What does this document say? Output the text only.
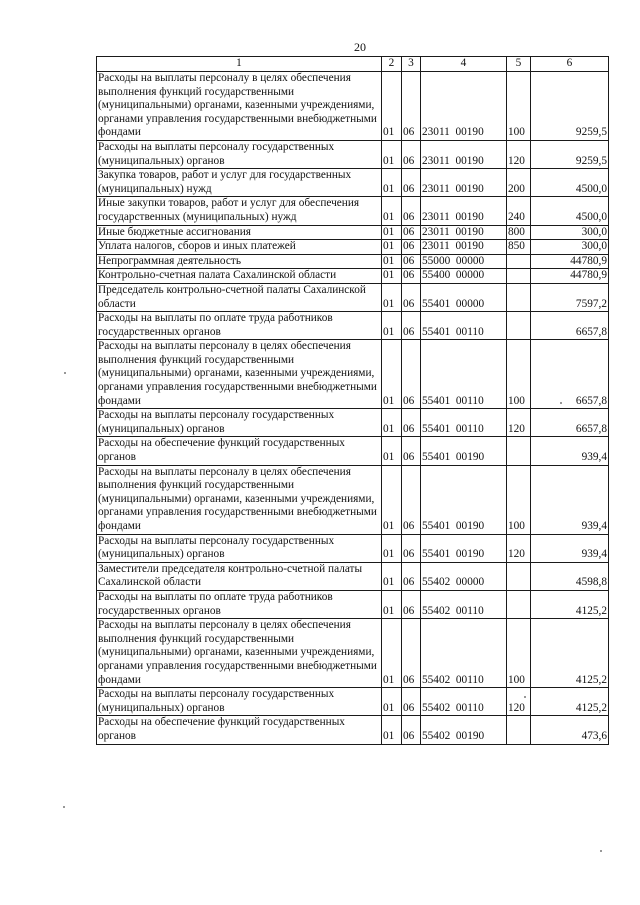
20
1	2	3	4	5	6
Расходы на выплаты персоналу в целях обеспечения выполнения функций государственными (муниципальными) органами, казенными учреждениями, органами управления государственными внебюджетными фондами	01	06	23011  00190	100	9259,5
Расходы на выплаты персоналу государственных (муниципальных) органов	01	06	23011  00190	120	9259,5
Закупка товаров, работ и услуг для государственных (муниципальных) нужд	01	06	23011  00190	200	4500,0
Иные закупки товаров, работ и услуг для обеспечения государственных (муниципальных) нужд	01	06	23011  00190	240	4500,0
Иные бюджетные ассигнования	01	06	23011  00190	800	300,0
Уплата налогов, сборов и иных платежей	01	06	23011  00190	850	300,0
Непрограммная деятельность	01	06	55000  00000		44780,9
Контрольно-счетная палата Сахалинской области	01	06	55400  00000		44780,9
Председатель контрольно-счетной палаты Сахалинской области	01	06	55401  00000		7597,2
Расходы на выплаты по оплате труда работников государственных органов	01	06	55401  00110		6657,8
Расходы на выплаты персоналу в целях обеспечения выполнения функций государственными (муниципальными) органами, казенными учреждениями, органами управления государственными внебюджетными фондами	01	06	55401  00110	100	6657,8
Расходы на выплаты персоналу государственных (муниципальных) органов	01	06	55401  00110	120	6657,8
Расходы на обеспечение функций государственных органов	01	06	55401  00190		939,4
Расходы на выплаты персоналу в целях обеспечения выполнения функций государственными (муниципальными) органами, казенными учреждениями, органами управления государственными внебюджетными фондами	01	06	55401  00190	100	939,4
Расходы на выплаты персоналу государственных (муниципальных) органов	01	06	55401  00190	120	939,4
Заместители председателя контрольно-счетной палаты Сахалинской области	01	06	55402  00000		4598,8
Расходы на выплаты по оплате труда работников государственных органов	01	06	55402  00110		4125,2
Расходы на выплаты персоналу в целях обеспечения выполнения функций государственными (муниципальными) органами, казенными учреждениями, органами управления государственными внебюджетными фондами	01	06	55402  00110	100	4125,2
Расходы на выплаты персоналу государственных (муниципальных) органов	01	06	55402  00110	120	4125,2
Расходы на обеспечение функций государственных органов	01	06	55402  00190		473,6
